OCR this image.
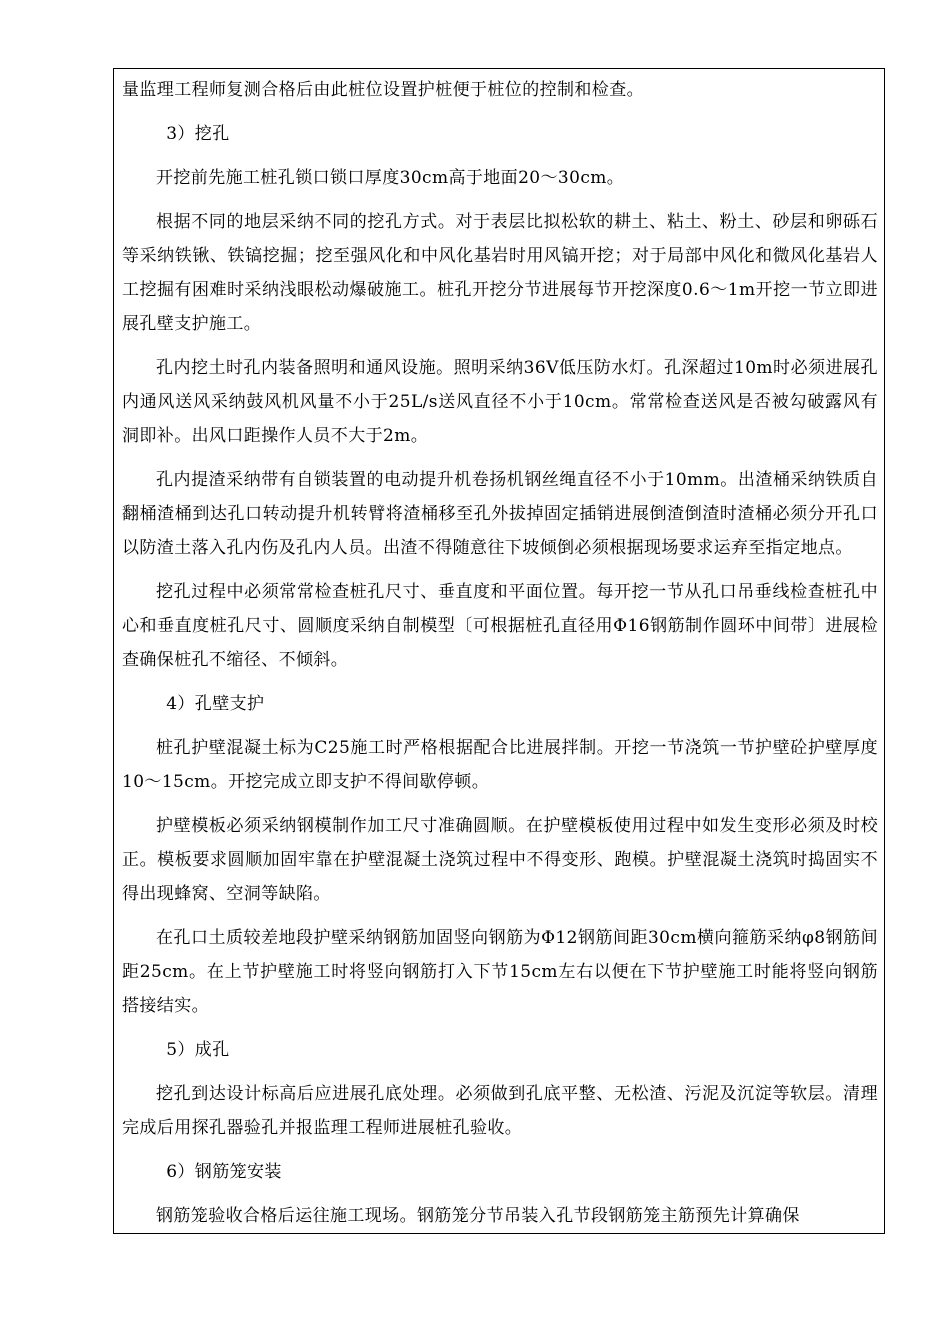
量监理工程师复测合格后由此桩位设置护桩便于桩位的控制和检查。

3）挖孔

开挖前先施工桩孔锁口锁口厚度30cm高于地面20～30cm。

根据不同的地层采纳不同的挖孔方式。对于表层比拟松软的耕土、粘土、粉土、砂层和卵砾石等采纳铁锹、铁镐挖掘；挖至强风化和中风化基岩时用风镐开挖；对于局部中风化和微风化基岩人工挖掘有困难时采纳浅眼松动爆破施工。桩孔开挖分节进展每节开挖深度0.6～1m开挖一节立即进展孔壁支护施工。

孔内挖土时孔内装备照明和通风设施。照明采纳36V低压防水灯。孔深超过10m时必须进展孔内通风送风采纳鼓风机风量不小于25L/s送风直径不小于10cm。常常检查送风是否被勾破露风有洞即补。出风口距操作人员不大于2m。

孔内提渣采纳带有自锁装置的电动提升机卷扬机钢丝绳直径不小于10mm。出渣桶采纳铁质自翻桶渣桶到达孔口转动提升机转臂将渣桶移至孔外拔掉固定插销进展倒渣倒渣时渣桶必须分开孔口以防渣土落入孔内伤及孔内人员。出渣不得随意往下坡倾倒必须根据现场要求运弃至指定地点。

挖孔过程中必须常常检查桩孔尺寸、垂直度和平面位置。每开挖一节从孔口吊垂线检查桩孔中心和垂直度桩孔尺寸、圆顺度采纳自制模型〔可根据桩孔直径用Φ16钢筋制作圆环中间带〕进展检查确保桩孔不缩径、不倾斜。

4）孔壁支护

桩孔护壁混凝土标为C25施工时严格根据配合比进展拌制。开挖一节浇筑一节护壁砼护壁厚度10～15cm。开挖完成立即支护不得间歇停顿。

护壁模板必须采纳钢模制作加工尺寸准确圆顺。在护壁模板使用过程中如发生变形必须及时校正。模板要求圆顺加固牢靠在护壁混凝土浇筑过程中不得变形、跑模。护壁混凝土浇筑时捣固实不得出现蜂窝、空洞等缺陷。

在孔口土质较差地段护壁采纳钢筋加固竖向钢筋为Φ12钢筋间距30cm横向箍筋采纳φ8钢筋间距25cm。在上节护壁施工时将竖向钢筋打入下节15cm左右以便在下节护壁施工时能将竖向钢筋搭接结实。

5）成孔

挖孔到达设计标高后应进展孔底处理。必须做到孔底平整、无松渣、污泥及沉淀等软层。清理完成后用探孔器验孔并报监理工程师进展桩孔验收。

6）钢筋笼安装

钢筋笼验收合格后运往施工现场。钢筋笼分节吊装入孔节段钢筋笼主筋预先计算确保
